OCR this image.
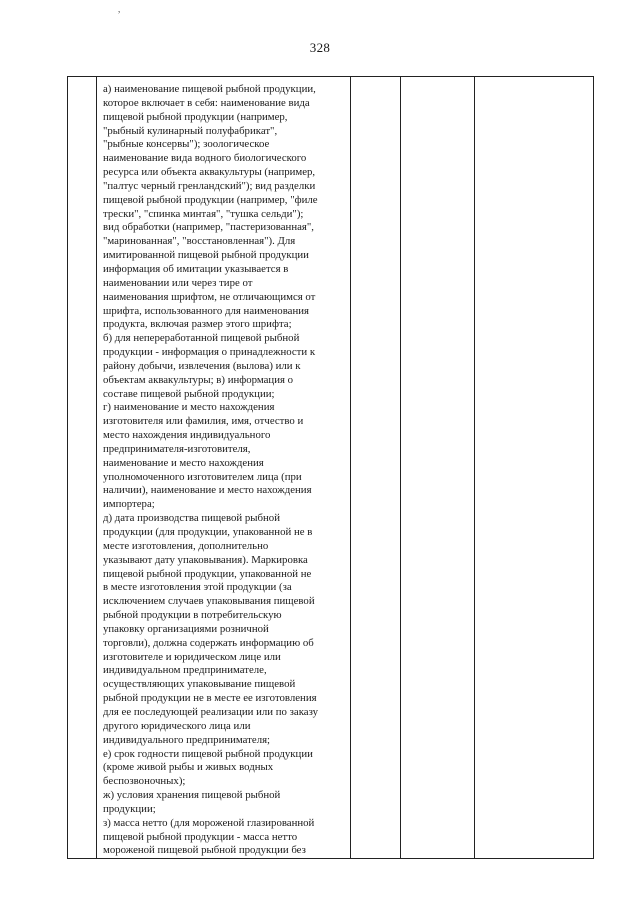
,
328

а) наименование пищевой рыбной продукции,
которое включает в себя: наименование вида
пищевой рыбной продукции (например,
"рыбный кулинарный полуфабрикат",
"рыбные консервы"); зоологическое
наименование вида водного биологического
ресурса или объекта аквакультуры (например,
"палтус черный гренландский"); вид разделки
пищевой рыбной продукции (например, "филе
трески", "спинка минтая", "тушка сельди");
вид обработки (например, "пастеризованная",
"маринованная", "восстановленная"). Для
имитированной пищевой рыбной продукции
информация об имитации указывается в
наименовании или через тире от
наименования шрифтом, не отличающимся от
шрифта, использованного для наименования
продукта, включая размер этого шрифта;
б) для непереработанной пищевой рыбной
продукции - информация о принадлежности к
району добычи, извлечения (вылова) или к
объектам аквакультуры; в) информация о
составе пищевой рыбной продукции;
г) наименование и место нахождения
изготовителя или фамилия, имя, отчество и
место нахождения индивидуального
предпринимателя-изготовителя,
наименование и место нахождения
уполномоченного изготовителем лица (при
наличии), наименование и место нахождения
импортера;
д) дата производства пищевой рыбной
продукции (для продукции, упакованной не в
месте изготовления, дополнительно
указывают дату упаковывания). Маркировка
пищевой рыбной продукции, упакованной не
в месте изготовления этой продукции (за
исключением случаев упаковывания пищевой
рыбной продукции в потребительскую
упаковку организациями розничной
торговли), должна содержать информацию об
изготовителе и юридическом лице или
индивидуальном предпринимателе,
осуществляющих упаковывание пищевой
рыбной продукции не в месте ее изготовления
для ее последующей реализации или по заказу
другого юридического лица или
индивидуального предпринимателя;
е) срок годности пищевой рыбной продукции
(кроме живой рыбы и живых водных
беспозвоночных);
ж) условия хранения пищевой рыбной
продукции;
з) масса нетто (для мороженой глазированной
пищевой рыбной продукции - масса нетто
мороженой пищевой рыбной продукции без
